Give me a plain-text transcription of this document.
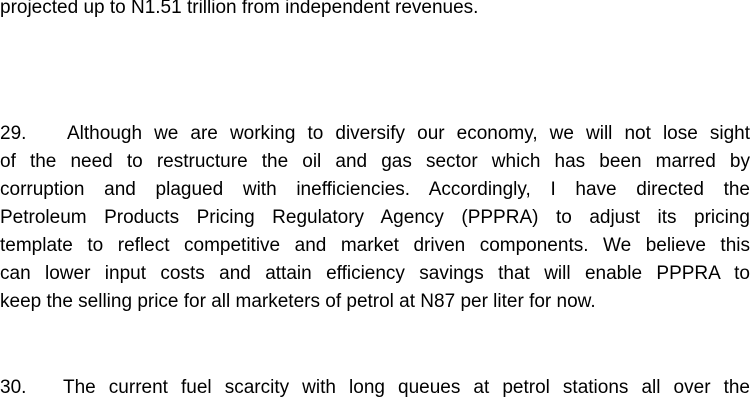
projected up to N1.51 trillion from independent revenues.
29. Although we are working to diversify our economy, we will not lose sight
of the need to restructure the oil and gas sector which has been marred by
corruption and plagued with inefficiencies. Accordingly, I have directed the
Petroleum Products Pricing Regulatory Agency (PPPRA) to adjust its pricing
template to reflect competitive and market driven components. We believe this
can lower input costs and attain efficiency savings that will enable PPPRA to
keep the selling price for all marketers of petrol at N87 per liter for now.
30. The current fuel scarcity with long queues at petrol stations all over the
